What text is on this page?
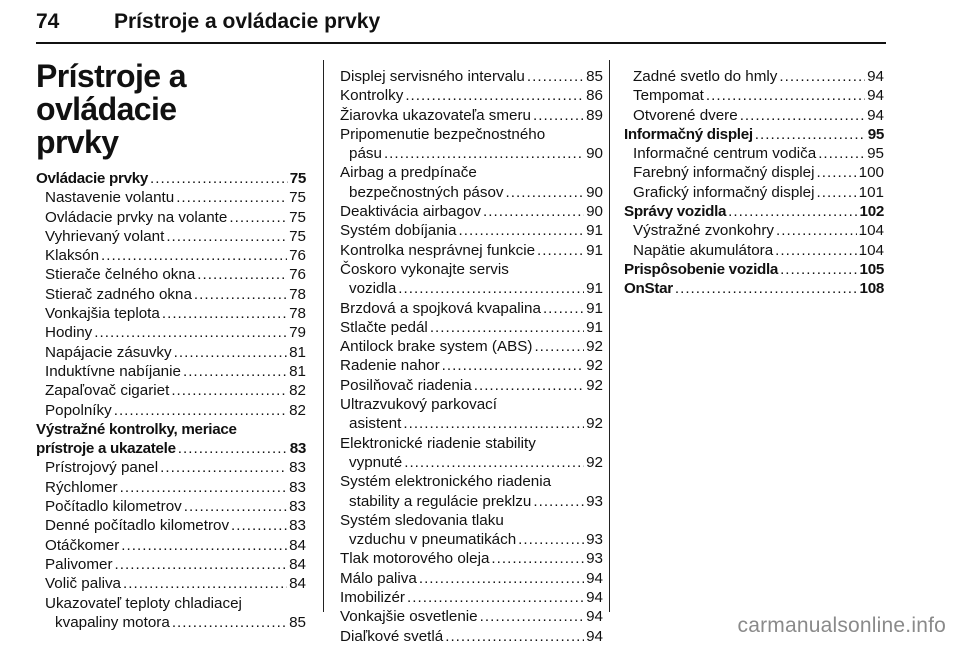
74	Prístroje a ovládacie prvky
Prístroje a ovládacie
prvky
Ovládacie prvky . . .	75
Nastavenie volantu . . .	75
Ovládacie prvky na volante . . .	75
Vyhrievaný volant . . .	75
Klaksón . . .	76
Stierače čelného okna . . .	76
Stierač zadného okna . . .	78
Vonkajšia teplota . . .	78
Hodiny . . .	79
Napájacie zásuvky . . .	81
Induktívne nabíjanie . . .	81
Zapaľovač cigariet . . .	82
Popolníky . . .	82
Výstražné kontrolky, meriace
prístroje a ukazatele . . .	83
Prístrojový panel . . .	83
Rýchlomer . . .	83
Počítadlo kilometrov . . .	83
Denné počítadlo kilometrov . . .	83
Otáčkomer . . .	84
Palivomer . . .	84
Volič paliva . . .	84
Ukazovateľ teploty chladiacej
kvapaliny motora . . .	85
Displej servisného intervalu . . .	85
Kontrolky . . .	86
Žiarovka ukazovateľa smeru . . .	89
Pripomenutie bezpečnostného
pásu . . .	90
Airbag a predpínače
bezpečnostných pásov . . .	90
Deaktivácia airbagov . . .	90
Systém dobíjania . . .	91
Kontrolka nesprávnej funkcie . . .	91
Čoskoro vykonajte servis
vozidla . . .	91
Brzdová a spojková kvapalina . . .	91
Stlačte pedál . . .	91
Antilock brake system (ABS) . . .	92
Radenie nahor . . .	92
Posilňovač riadenia . . .	92
Ultrazvukový parkovací
asistent . . .	92
Elektronické riadenie stability
vypnuté . . .	92
Systém elektronického riadenia
stability a regulácie preklzu . . .	93
Systém sledovania tlaku
vzduchu v pneumatikách . . .	93
Tlak motorového oleja . . .	93
Málo paliva . . .	94
Imobilizér . . .	94
Vonkajšie osvetlenie . . .	94
Diaľkové svetlá . . .	94
Zadné svetlo do hmly . . .	94
Tempomat . . .	94
Otvorené dvere . . .	94
Informačný displej . . .	95
Informačné centrum vodiča . . .	95
Farebný informačný displej . . .	100
Grafický informačný displej . . .	101
Správy vozidla . . .	102
Výstražné zvonkohry . . .	104
Napätie akumulátora . . .	104
Prispôsobenie vozidla . . .	105
OnStar . . .	108
carmanualsonline.info
